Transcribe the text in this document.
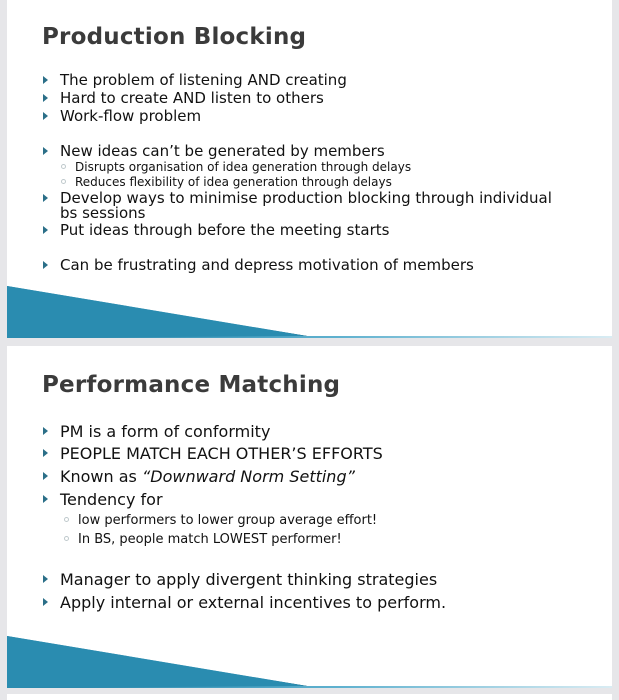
Production Blocking
The problem of listening AND creating
Hard to create AND listen to others
Work-flow problem
New ideas can’t be generated by members
Disrupts organisation of idea generation through delays
Reduces flexibility of idea generation through delays
Develop ways to minimise production blocking through individual
bs sessions
Put ideas through before the meeting starts
Can be frustrating and depress motivation of members
Performance Matching
PM is a form of conformity
PEOPLE MATCH EACH OTHER’S EFFORTS
Known as “Downward Norm Setting”
Tendency for
low performers to lower group average effort!
In BS, people match LOWEST performer!
Manager to apply divergent thinking strategies
Apply internal or external incentives to perform.
